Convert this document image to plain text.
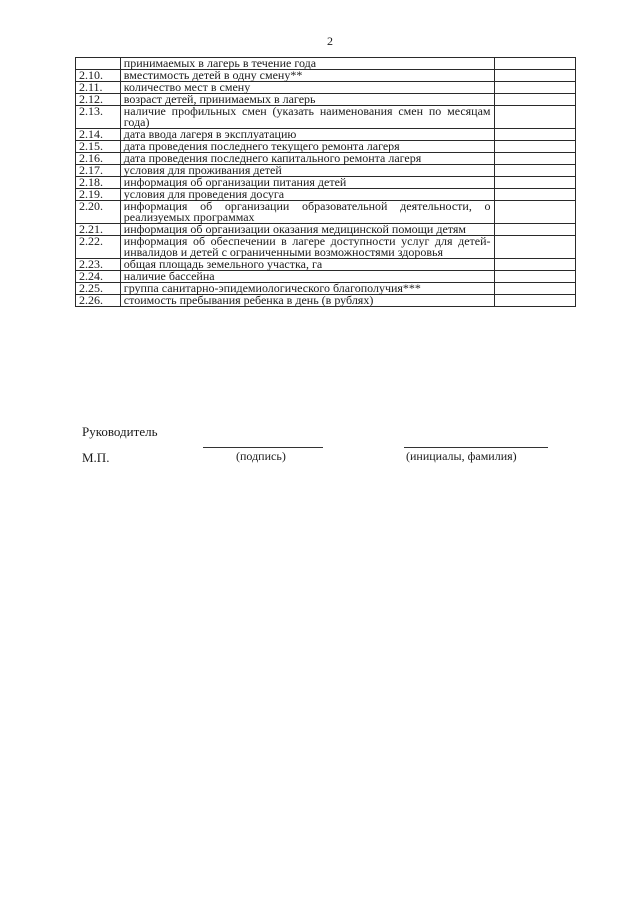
2
	принимаемых в лагерь в течение года	
2.10.	вместимость детей в одну смену**	
2.11.	количество мест в смену	
2.12.	возраст детей, принимаемых в лагерь	
2.13.	наличие профильных смен (указать наименования смен по месяцам года)	
2.14.	дата ввода лагеря в эксплуатацию	
2.15.	дата проведения последнего текущего ремонта лагеря	
2.16.	дата проведения последнего капитального ремонта лагеря	
2.17.	условия для проживания детей	
2.18.	информация об организации питания детей	
2.19.	условия для проведения досуга	
2.20.	информация об организации образовательной деятельности, о реализуемых программах	
2.21.	информация об организации оказания медицинской помощи детям	
2.22.	информация об обеспечении в лагере доступности услуг для детей-инвалидов и детей с ограниченными возможностями здоровья	
2.23.	общая площадь земельного участка, га	
2.24.	наличие бассейна	
2.25.	группа санитарно-эпидемиологического благополучия***	
2.26.	стоимость пребывания ребенка в день (в рублях)	
Руководитель
М.П.	(подпись)	(инициалы, фамилия)
